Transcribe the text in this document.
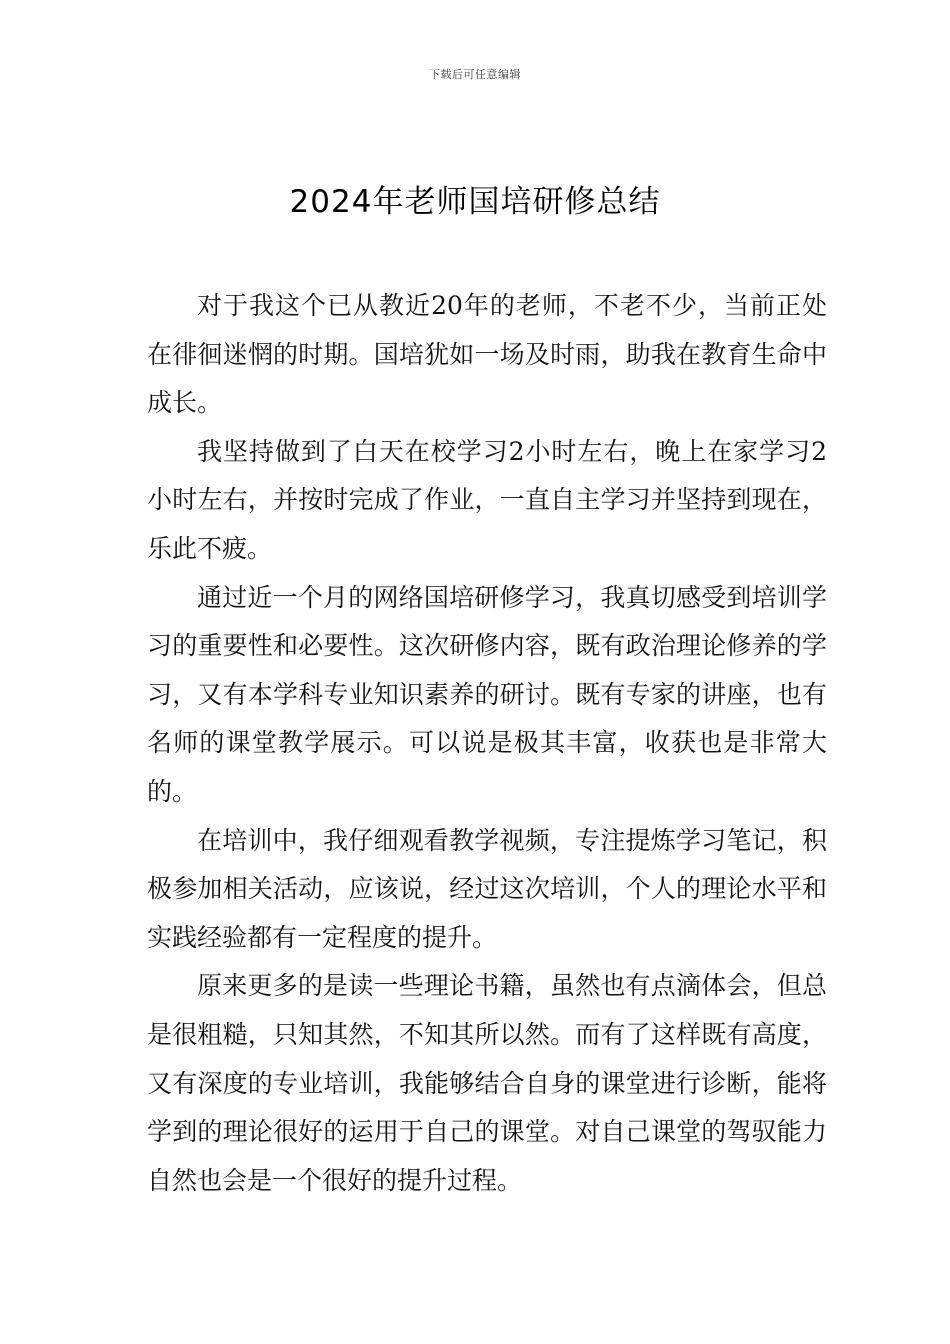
下载后可任意编辑
2024年老师国培研修总结

对于我这个已从教近20年的老师，不老不少，当前正处在徘徊迷惘的时期。国培犹如一场及时雨，助我在教育生命中成长。

我坚持做到了白天在校学习2小时左右，晚上在家学习2小时左右，并按时完成了作业，一直自主学习并坚持到现在，乐此不疲。

通过近一个月的网络国培研修学习，我真切感受到培训学习的重要性和必要性。这次研修内容，既有政治理论修养的学习，又有本学科专业知识素养的研讨。既有专家的讲座，也有名师的课堂教学展示。可以说是极其丰富，收获也是非常大的。

在培训中，我仔细观看教学视频，专注提炼学习笔记，积极参加相关活动，应该说，经过这次培训，个人的理论水平和实践经验都有一定程度的提升。

原来更多的是读一些理论书籍，虽然也有点滴体会，但总是很粗糙，只知其然，不知其所以然。而有了这样既有高度，又有深度的专业培训，我能够结合自身的课堂进行诊断，能将学到的理论很好的运用于自己的课堂。对自己课堂的驾驭能力自然也会是一个很好的提升过程。
